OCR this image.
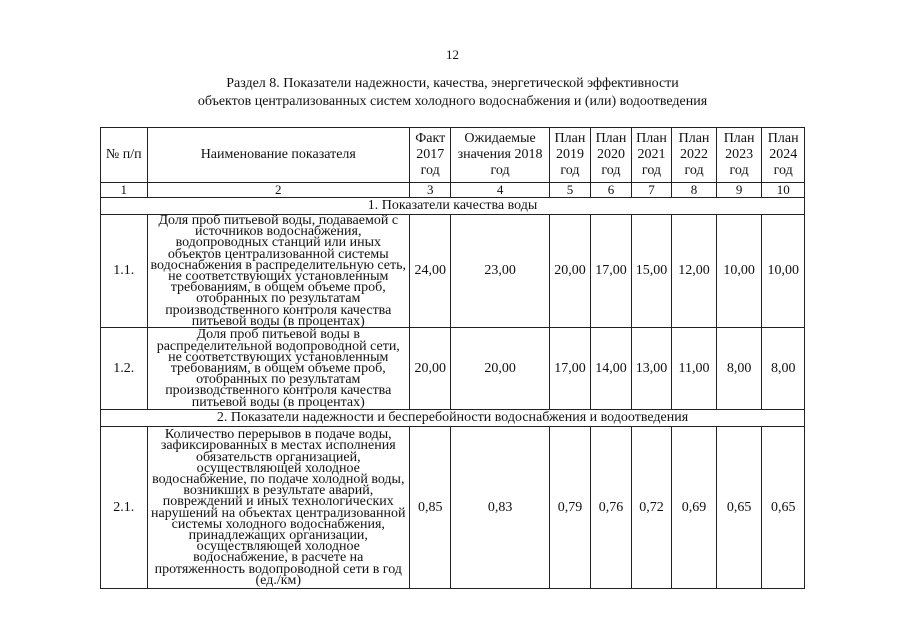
12
Раздел 8. Показатели надежности, качества, энергетической эффективности
объектов централизованных систем холодного водоснабжения и (или) водоотведения
№ п/п	Наименование показателя	Факт 2017 год	Ожидаемые значения 2018 год	План 2019 год	План 2020 год	План 2021 год	План 2022 год	План 2023 год	План 2024 год
1	2	3	4	5	6	7	8	9	10
1. Показатели качества воды									
1.1.	Доля проб питьевой воды, подаваемой с источников водоснабжения, водопроводных станций или иных объектов централизованной системы водоснабжения в распределительную сеть, не соответствующих установленным требованиям, в общем объеме проб, отобранных по результатам производственного контроля качества питьевой воды (в процентах)	24,00	23,00	20,00	17,00	15,00	12,00	10,00	10,00
1.2.	Доля проб питьевой воды в распределительной водопроводной сети, не соответствующих установленным требованиям, в общем объеме проб, отобранных по результатам производственного контроля качества питьевой воды (в процентах)	20,00	20,00	17,00	14,00	13,00	11,00	8,00	8,00
2. Показатели надежности и бесперебойности водоснабжения и водоотведения									
2.1.	Количество перерывов в подаче воды, зафиксированных в местах исполнения обязательств организацией, осуществляющей холодное водоснабжение, по подаче холодной воды, возникших в результате аварий, повреждений и иных технологических нарушений на объектах централизованной системы холодного водоснабжения, принадлежащих организации, осуществляющей холодное водоснабжение, в расчете на протяженность водопроводной сети в год (ед./км)	0,85	0,83	0,79	0,76	0,72	0,69	0,65	0,65
